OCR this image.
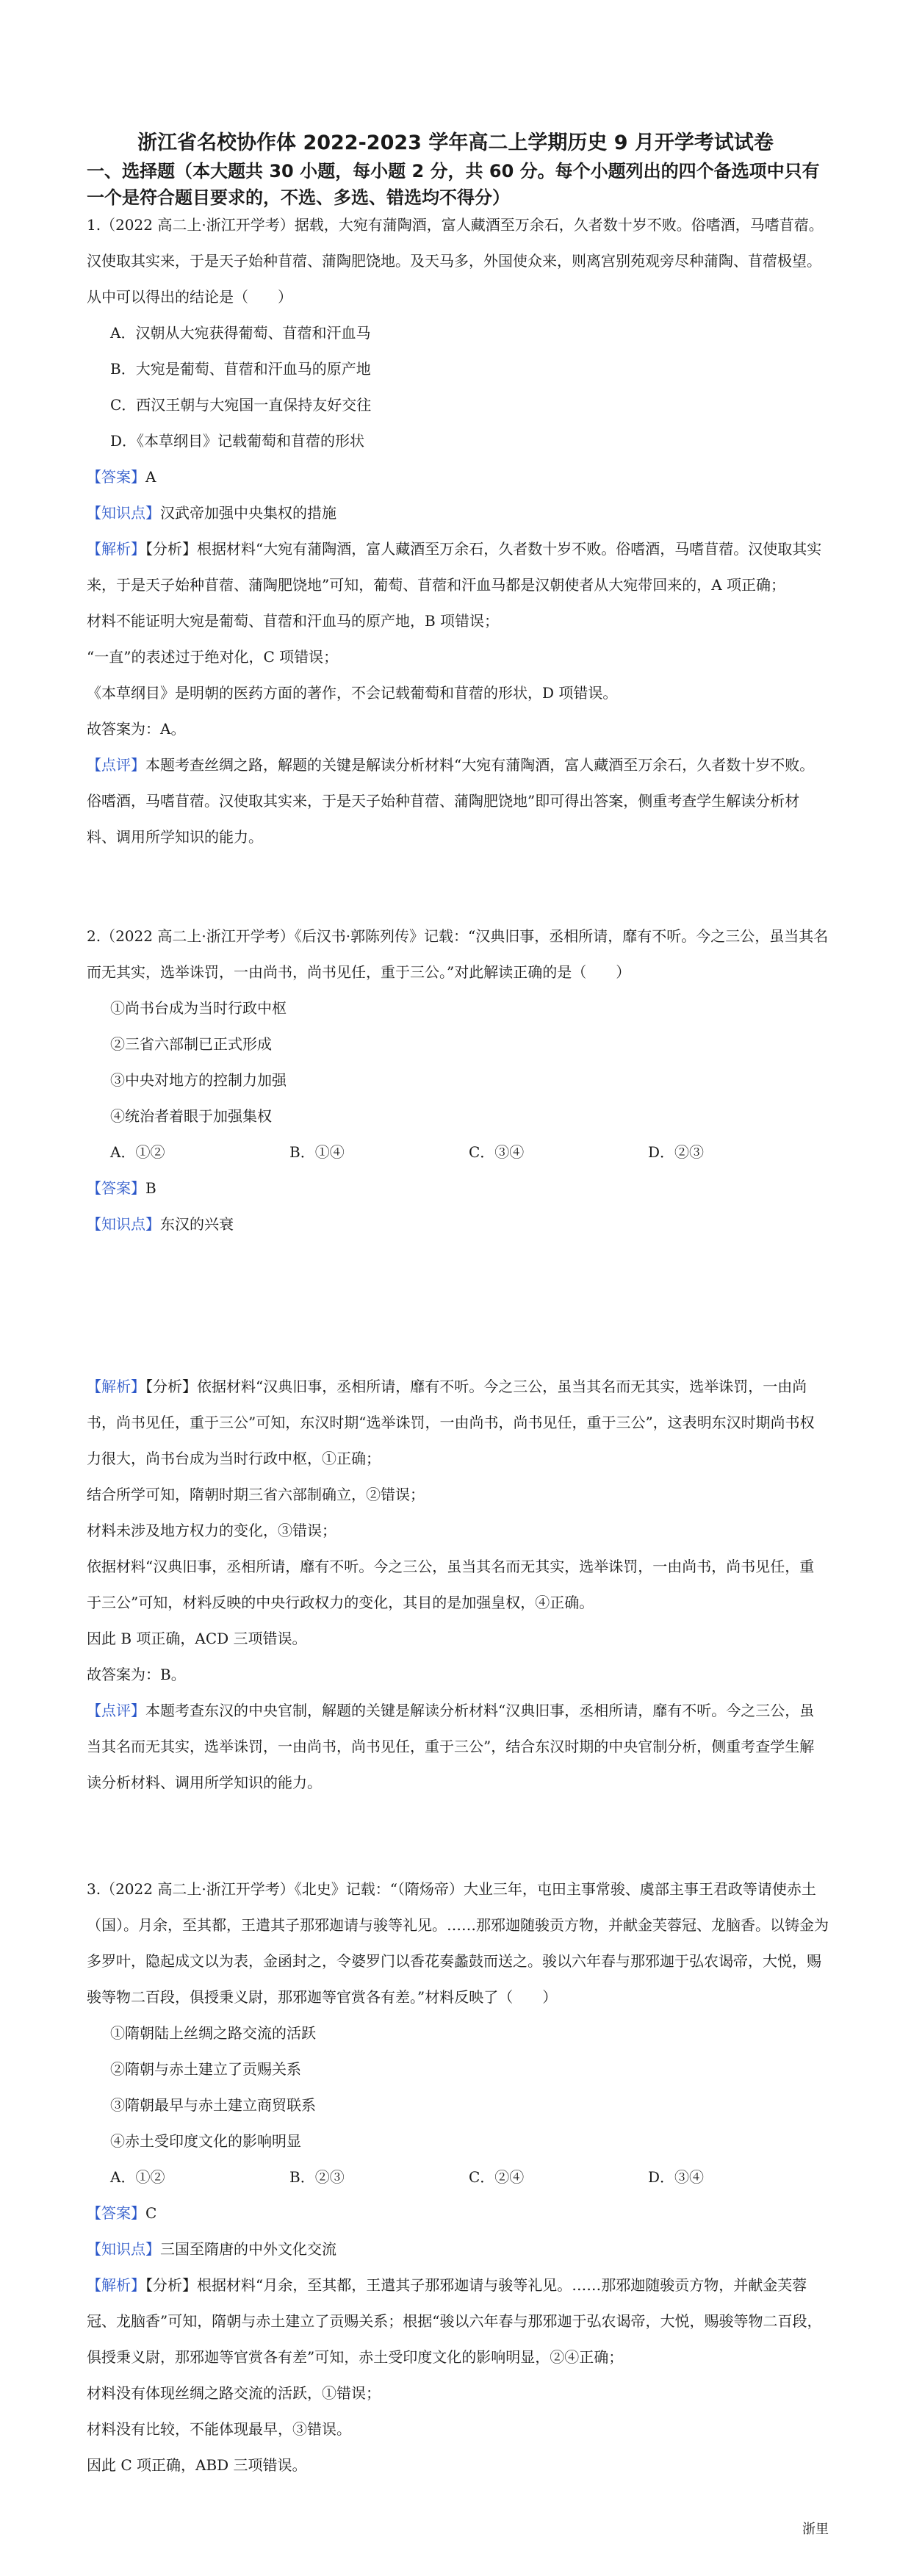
浙江省名校协作体 2022-2023 学年高二上学期历史 9 月开学考试试卷
一、选择题（本大题共 30 小题，每小题 2 分，共 60 分。每个小题列出的四个备选项中只有一个是符合题目要求的，不选、多选、错选均不得分）

1.（2022 高二上·浙江开学考）据载，大宛有蒲陶酒，富人藏酒至万余石，久者数十岁不败。俗嗜酒，马嗜苜蓿。汉使取其实来，于是天子始种苜蓿、蒲陶肥饶地。及天马多，外国使众来，则离宫别苑观旁尽种蒲陶、苜蓿极望。从中可以得出的结论是（　　）

A．汉朝从大宛获得葡萄、苜蓿和汗血马

B．大宛是葡萄、苜蓿和汗血马的原产地

C．西汉王朝与大宛国一直保持友好交往

D．《本草纲目》记载葡萄和苜蓿的形状

【答案】A

【知识点】汉武帝加强中央集权的措施

【解析】【分析】根据材料“大宛有蒲陶酒，富人藏酒至万余石，久者数十岁不败。俗嗜酒，马嗜苜蓿。汉使取其实来，于是天子始种苜蓿、蒲陶肥饶地”可知，葡萄、苜蓿和汗血马都是汉朝使者从大宛带回来的，A 项正确；

材料不能证明大宛是葡萄、苜蓿和汗血马的原产地，B 项错误；

“一直”的表述过于绝对化，C 项错误；

《本草纲目》是明朝的医药方面的著作，不会记载葡萄和苜蓿的形状，D 项错误。

故答案为：A。

【点评】本题考查丝绸之路，解题的关键是解读分析材料“大宛有蒲陶酒，富人藏酒至万余石，久者数十岁不败。俗嗜酒，马嗜苜蓿。汉使取其实来，于是天子始种苜蓿、蒲陶肥饶地”即可得出答案，侧重考查学生解读分析材料、调用所学知识的能力。

2.（2022 高二上·浙江开学考）《后汉书·郭陈列传》记载：“汉典旧事，丞相所请，靡有不听。今之三公，虽当其名而无其实，选举诛罚，一由尚书，尚书见任，重于三公。”对此解读正确的是（　　）

①尚书台成为当时行政中枢

②三省六部制已正式形成

③中央对地方的控制力加强

④统治者着眼于加强集权

A．①②	B．①④	C．③④	D．②③

【答案】B

【知识点】东汉的兴衰

【解析】【分析】依据材料“汉典旧事，丞相所请，靡有不听。今之三公，虽当其名而无其实，选举诛罚，一由尚书，尚书见任，重于三公”可知，东汉时期“选举诛罚，一由尚书，尚书见任，重于三公”，这表明东汉时期尚书权力很大，尚书台成为当时行政中枢，①正确；

结合所学可知，隋朝时期三省六部制确立，②错误；

材料未涉及地方权力的变化，③错误；

依据材料“汉典旧事，丞相所请，靡有不听。今之三公，虽当其名而无其实，选举诛罚，一由尚书，尚书见任，重于三公”可知，材料反映的中央行政权力的变化，其目的是加强皇权，④正确。

因此 B 项正确，ACD 三项错误。

故答案为：B。

【点评】本题考查东汉的中央官制，解题的关键是解读分析材料“汉典旧事，丞相所请，靡有不听。今之三公，虽当其名而无其实，选举诛罚，一由尚书，尚书见任，重于三公”，结合东汉时期的中央官制分析，侧重考查学生解读分析材料、调用所学知识的能力。

3.（2022 高二上·浙江开学考）《北史》记载：“（隋炀帝）大业三年，屯田主事常骏、虞部主事王君政等请使赤土（国）。月余，至其都，王遣其子那邪迦请与骏等礼见。……那邪迦随骏贡方物，并献金芙蓉冠、龙脑香。以铸金为多罗叶，隐起成文以为表，金函封之，令婆罗门以香花奏蠡鼓而送之。骏以六年春与那邪迦于弘农谒帝，大悦，赐骏等物二百段，俱授秉义尉，那邪迦等官赏各有差。”材料反映了（　　）

①隋朝陆上丝绸之路交流的活跃

②隋朝与赤土建立了贡赐关系

③隋朝最早与赤土建立商贸联系

④赤土受印度文化的影响明显

A．①②	B．②③	C．②④	D．③④

【答案】C

【知识点】三国至隋唐的中外文化交流

【解析】【分析】根据材料“月余，至其都，王遣其子那邪迦请与骏等礼见。……那邪迦随骏贡方物，并献金芙蓉冠、龙脑香”可知，隋朝与赤土建立了贡赐关系；根据“骏以六年春与那邪迦于弘农谒帝，大悦，赐骏等物二百段，俱授秉义尉，那邪迦等官赏各有差”可知，赤土受印度文化的影响明显，②④正确；

材料没有体现丝绸之路交流的活跃，①错误；

材料没有比较，不能体现最早，③错误。

因此 C 项正确，ABD 三项错误。

浙里
